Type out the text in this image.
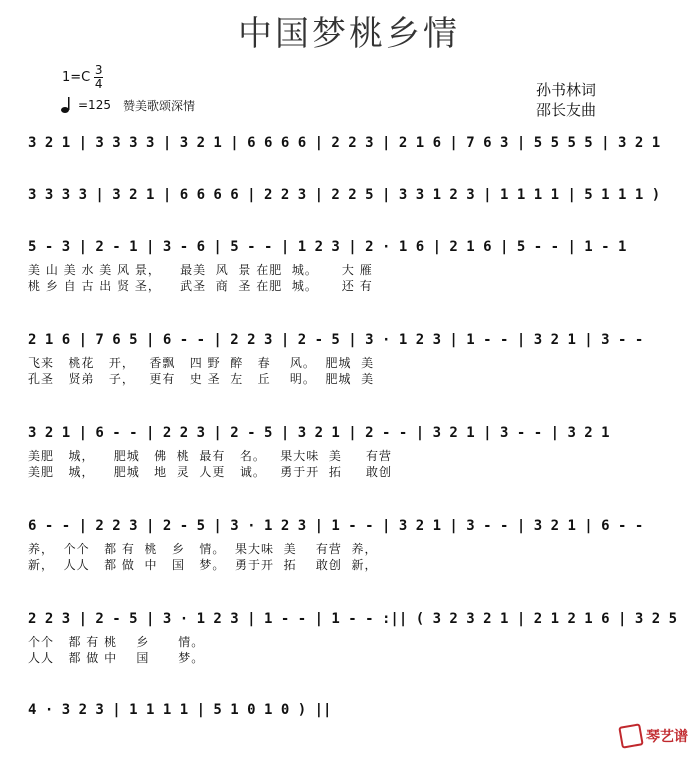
中国梦桃乡情
$1=C \frac{3}{4}$
=125 赞美歌颂深情
孙书林词
邵长友曲
3 2 1 | 3 3 3 3 | 3 2 1 | 6 6 6 6 | 2 2 3 | 2 1 6 | 7 6 3 | 5 5 5 5 | 3 2 1
3 3 3 3 | 3 2 1 | 6 6 6 6 | 2 2 3 | 2 2 5 | 3 3 1 2 3 | 1 1 1 1 | 5 1 1 1 )
5 - 3 | 2 - 1 | 3 - 6 | 5 - - | 1 2 3 | 2 · 1 6 | 2 1 6 | 5 - - | 1 - 1
美 山 美 水 美 风 景，    最美  风  景 在肥  城。     大 雁
桃 乡 自 古 出 贤 圣，    武圣  商  圣 在肥  城。     还 有
2 1 6 | 7 6 5 | 6 - - | 2 2 3 | 2 - 5 | 3 · 1 2 3 | 1 - - | 3 2 1 | 3 - -
飞来   桃花   开，   香飘   四 野  醉   春    风。  肥城  美
孔圣   贤弟   子，   更有   史 圣  左   丘    明。  肥城  美
3 2 1 | 6 - - | 2 2 3 | 2 - 5 | 3 2 1 | 2 - - | 3 2 1 | 3 - - | 3 2 1
美肥   城，    肥城   佛  桃  最有   名。   果大味  美     有营
美肥   城，    肥城   地  灵  人更   诚。   勇于开  拓     敢创
6 - - | 2 2 3 | 2 - 5 | 3 · 1 2 3 | 1 - - | 3 2 1 | 3 - - | 3 2 1 | 6 - -
养，  个个   都 有  桃   乡   情。  果大味  美    有营  养，
新，  人人   都 做  中   国   梦。  勇于开  拓    敢创  新，
2 2 3 | 2 - 5 | 3 · 1 2 3 | 1 - - | 1 - - :|| ( 3 2 3 2 1 | 2 1 2 1 6 | 3 2 5
个个   都 有 桃    乡      情。
人人   都 做 中    国      梦。
4 · 3 2 3 | 1 1 1 1 | 5 1 0 1 0 ) ||
琴艺谱
